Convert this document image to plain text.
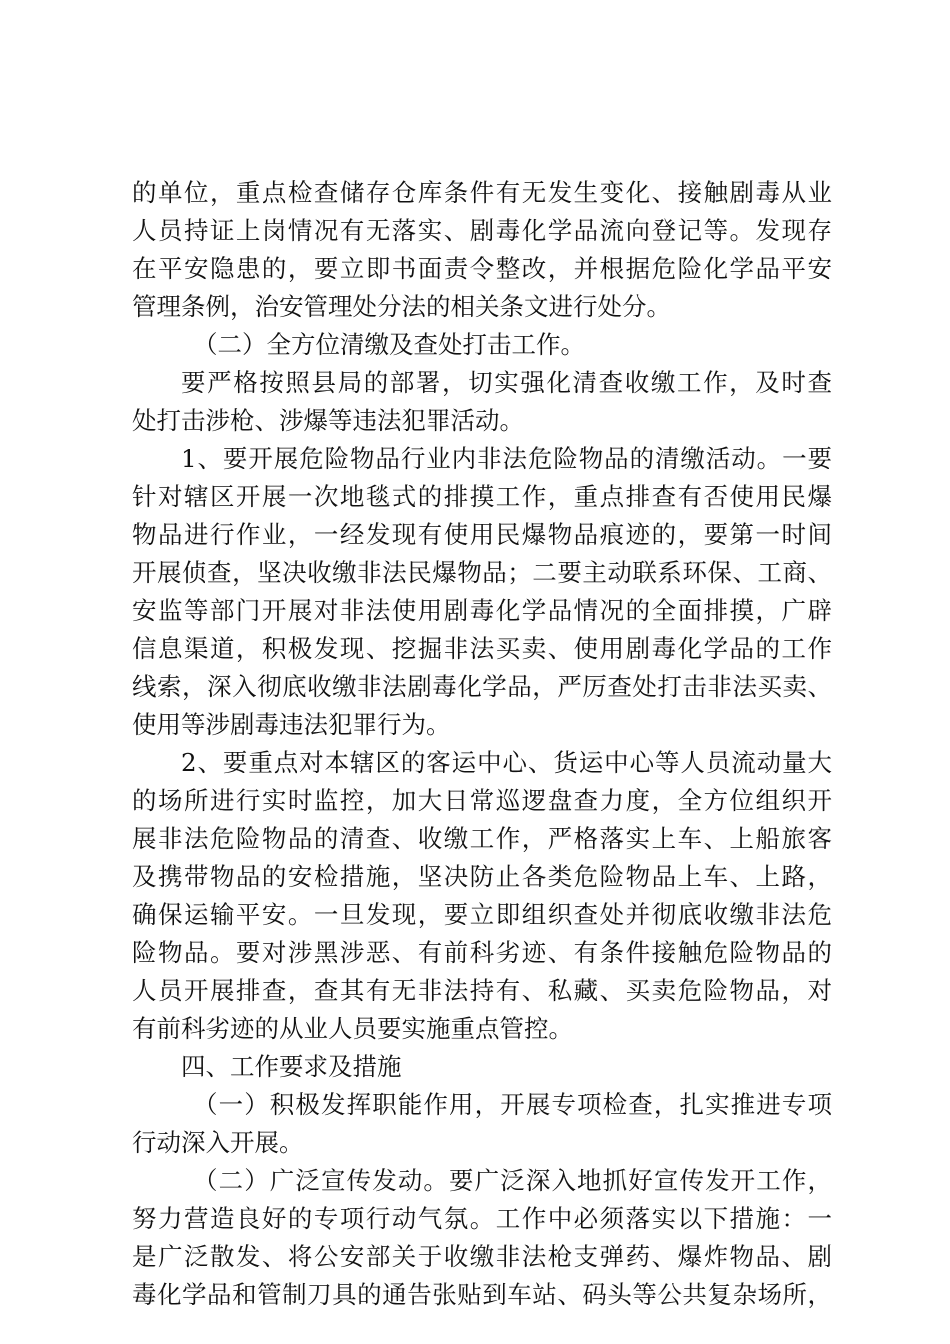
的单位，重点检查储存仓库条件有无发生变化、接触剧毒从业
人员持证上岗情况有无落实、剧毒化学品流向登记等。发现存
在平安隐患的，要立即书面责令整改，并根据危险化学品平安
管理条例，治安管理处分法的相关条文进行处分。
（二）全方位清缴及查处打击工作。
要严格按照县局的部署，切实强化清查收缴工作，及时查
处打击涉枪、涉爆等违法犯罪活动。
1、要开展危险物品行业内非法危险物品的清缴活动。一要
针对辖区开展一次地毯式的排摸工作，重点排查有否使用民爆
物品进行作业，一经发现有使用民爆物品痕迹的，要第一时间
开展侦查，坚决收缴非法民爆物品；二要主动联系环保、工商、
安监等部门开展对非法使用剧毒化学品情况的全面排摸，广辟
信息渠道，积极发现、挖掘非法买卖、使用剧毒化学品的工作
线索，深入彻底收缴非法剧毒化学品，严厉查处打击非法买卖、
使用等涉剧毒违法犯罪行为。
2、要重点对本辖区的客运中心、货运中心等人员流动量大
的场所进行实时监控，加大日常巡逻盘查力度，全方位组织开
展非法危险物品的清查、收缴工作，严格落实上车、上船旅客
及携带物品的安检措施，坚决防止各类危险物品上车、上路，
确保运输平安。一旦发现，要立即组织查处并彻底收缴非法危
险物品。要对涉黑涉恶、有前科劣迹、有条件接触危险物品的
人员开展排查，查其有无非法持有、私藏、买卖危险物品，对
有前科劣迹的从业人员要实施重点管控。
四、工作要求及措施
（一）积极发挥职能作用，开展专项检查，扎实推进专项
行动深入开展。
（二）广泛宣传发动。要广泛深入地抓好宣传发开工作，
努力营造良好的专项行动气氛。工作中必须落实以下措施：一
是广泛散发、将公安部关于收缴非法枪支弹药、爆炸物品、剧
毒化学品和管制刀具的通告张贴到车站、码头等公共复杂场所，
